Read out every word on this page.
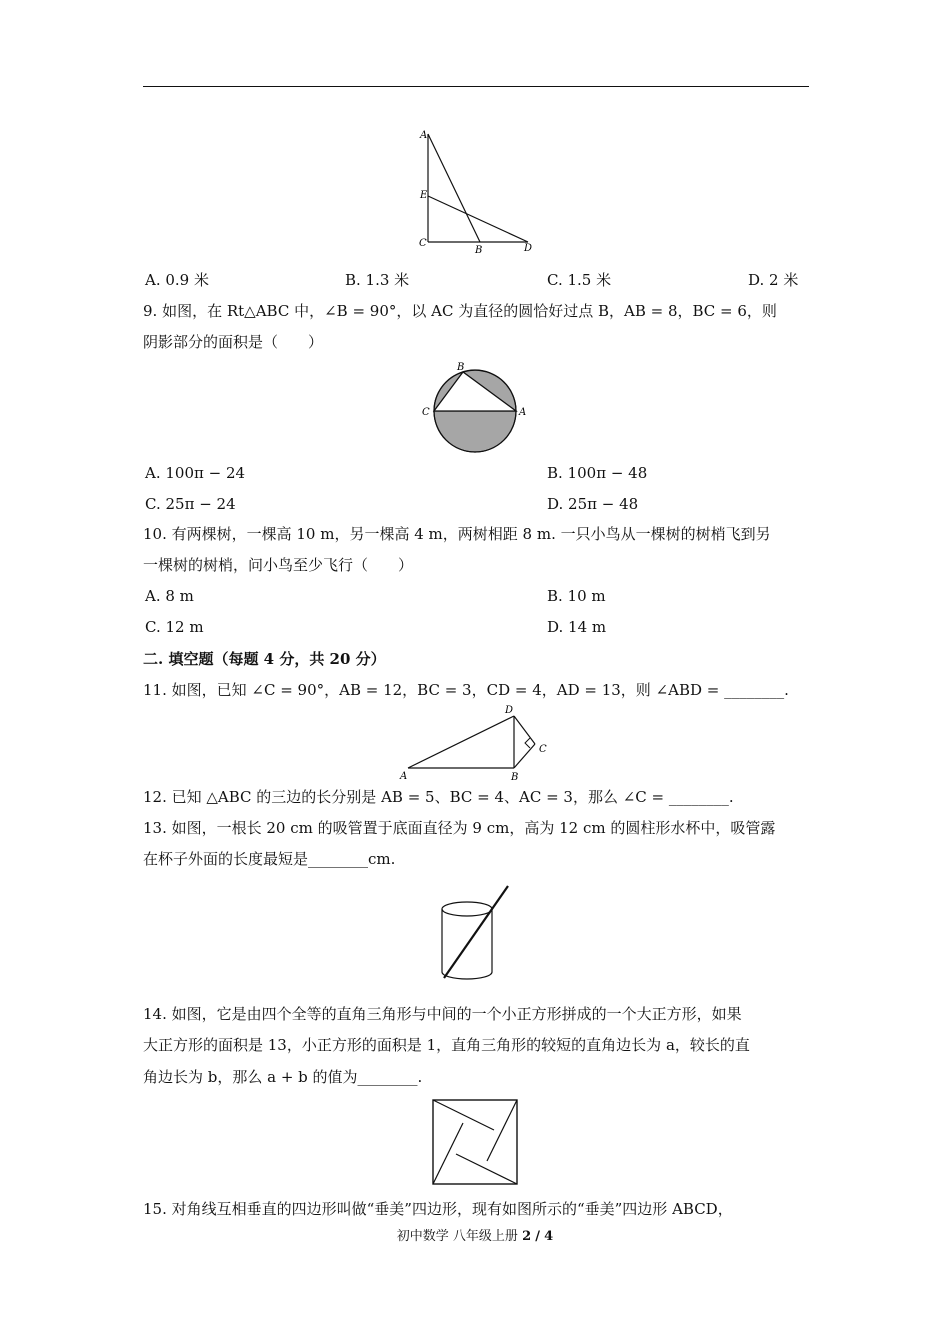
A
E
C
B	D
A. 0.9 米	B. 1.3 米	C. 1.5 米	D. 2 米
9. 如图，在 Rt△ABC 中，∠B = 90°，以 AC 为直径的圆恰好过点 B，AB = 8，BC = 6，则
阴影部分的面积是（　　）
B
C	A
A. 100π − 24	B. 100π − 48
C. 25π − 24	D. 25π − 48
10. 有两棵树，一棵高 10 m，另一棵高 4 m，两树相距 8 m. 一只小鸟从一棵树的树梢飞到另
一棵树的树梢，问小鸟至少飞行（　　）
A. 8 m	B. 10 m
C. 12 m	D. 14 m
二. 填空题（每题 4 分，共 20 分）
11. 如图，已知 ∠C = 90°，AB = 12，BC = 3，CD = 4，AD = 13，则 ∠ABD = ________.
D
C
A	B
12. 已知 △ABC 的三边的长分别是 AB = 5、BC = 4、AC = 3，那么 ∠C = ________.
13. 如图，一根长 20 cm 的吸管置于底面直径为 9 cm，高为 12 cm 的圆柱形水杯中，吸管露
在杯子外面的长度最短是________cm.
14. 如图，它是由四个全等的直角三角形与中间的一个小正方形拼成的一个大正方形，如果
大正方形的面积是 13，小正方形的面积是 1，直角三角形的较短的直角边长为 a，较长的直
角边长为 b，那么 a + b 的值为________.
15. 对角线互相垂直的四边形叫做“垂美”四边形，现有如图所示的“垂美”四边形 ABCD，
初中数学 八年级上册 2 / 4
